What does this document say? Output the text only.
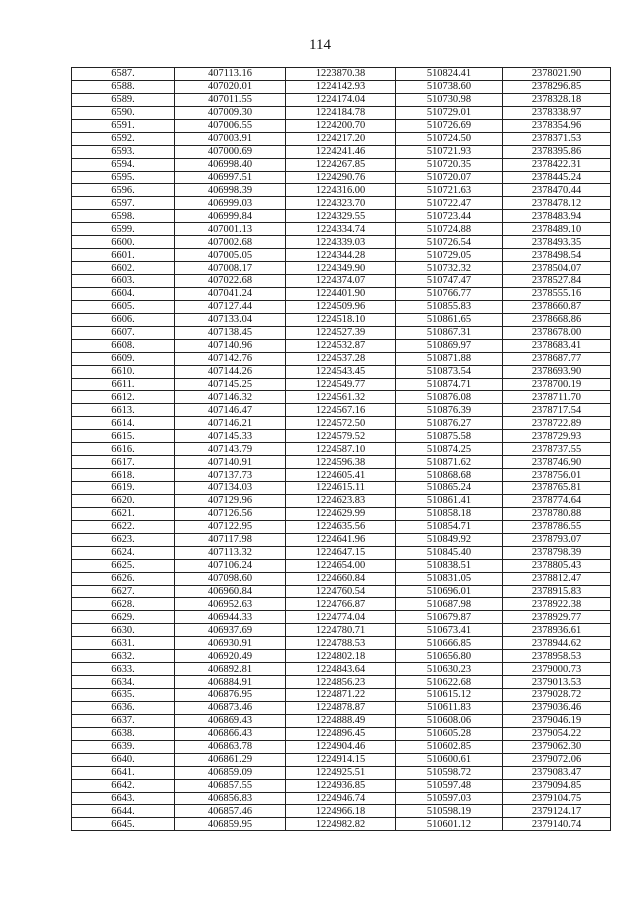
114
6587.	407113.16	1223870.38	510824.41	2378021.90
6588.	407020.01	1224142.93	510738.60	2378296.85
6589.	407011.55	1224174.04	510730.98	2378328.18
6590.	407009.30	1224184.78	510729.01	2378338.97
6591.	407006.55	1224200.70	510726.69	2378354.96
6592.	407003.91	1224217.20	510724.50	2378371.53
6593.	407000.69	1224241.46	510721.93	2378395.86
6594.	406998.40	1224267.85	510720.35	2378422.31
6595.	406997.51	1224290.76	510720.07	2378445.24
6596.	406998.39	1224316.00	510721.63	2378470.44
6597.	406999.03	1224323.70	510722.47	2378478.12
6598.	406999.84	1224329.55	510723.44	2378483.94
6599.	407001.13	1224334.74	510724.88	2378489.10
6600.	407002.68	1224339.03	510726.54	2378493.35
6601.	407005.05	1224344.28	510729.05	2378498.54
6602.	407008.17	1224349.90	510732.32	2378504.07
6603.	407022.68	1224374.07	510747.47	2378527.84
6604.	407041.24	1224401.90	510766.77	2378555.16
6605.	407127.44	1224509.96	510855.83	2378660.87
6606.	407133.04	1224518.10	510861.65	2378668.86
6607.	407138.45	1224527.39	510867.31	2378678.00
6608.	407140.96	1224532.87	510869.97	2378683.41
6609.	407142.76	1224537.28	510871.88	2378687.77
6610.	407144.26	1224543.45	510873.54	2378693.90
6611.	407145.25	1224549.77	510874.71	2378700.19
6612.	407146.32	1224561.32	510876.08	2378711.70
6613.	407146.47	1224567.16	510876.39	2378717.54
6614.	407146.21	1224572.50	510876.27	2378722.89
6615.	407145.33	1224579.52	510875.58	2378729.93
6616.	407143.79	1224587.10	510874.25	2378737.55
6617.	407140.91	1224596.38	510871.62	2378746.90
6618.	407137.73	1224605.41	510868.68	2378756.01
6619.	407134.03	1224615.11	510865.24	2378765.81
6620.	407129.96	1224623.83	510861.41	2378774.64
6621.	407126.56	1224629.99	510858.18	2378780.88
6622.	407122.95	1224635.56	510854.71	2378786.55
6623.	407117.98	1224641.96	510849.92	2378793.07
6624.	407113.32	1224647.15	510845.40	2378798.39
6625.	407106.24	1224654.00	510838.51	2378805.43
6626.	407098.60	1224660.84	510831.05	2378812.47
6627.	406960.84	1224760.54	510696.01	2378915.83
6628.	406952.63	1224766.87	510687.98	2378922.38
6629.	406944.33	1224774.04	510679.87	2378929.77
6630.	406937.69	1224780.71	510673.41	2378936.61
6631.	406930.91	1224788.53	510666.85	2378944.62
6632.	406920.49	1224802.18	510656.80	2378958.53
6633.	406892.81	1224843.64	510630.23	2379000.73
6634.	406884.91	1224856.23	510622.68	2379013.53
6635.	406876.95	1224871.22	510615.12	2379028.72
6636.	406873.46	1224878.87	510611.83	2379036.46
6637.	406869.43	1224888.49	510608.06	2379046.19
6638.	406866.43	1224896.45	510605.28	2379054.22
6639.	406863.78	1224904.46	510602.85	2379062.30
6640.	406861.29	1224914.15	510600.61	2379072.06
6641.	406859.09	1224925.51	510598.72	2379083.47
6642.	406857.55	1224936.85	510597.48	2379094.85
6643.	406856.83	1224946.74	510597.03	2379104.75
6644.	406857.46	1224966.18	510598.19	2379124.17
6645.	406859.95	1224982.82	510601.12	2379140.74
